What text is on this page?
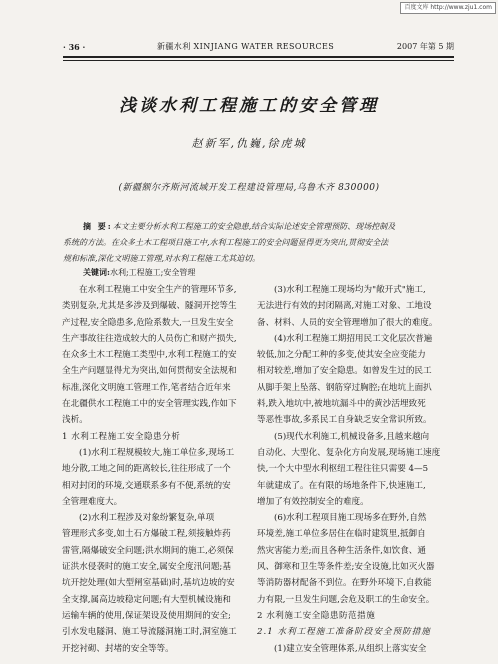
百度文库 http://www.zju1.com
· 36 ·	新疆水利 XINJIANG WATER RESOURCES	2007 年第 5 期
浅谈水利工程施工的安全管理

赵新军,仇巍,徐虎城

(新疆额尔齐斯河流域开发工程建设管理局,乌鲁木齐 830000)
摘 要:本文主要分析水利工程施工的安全隐患,结合实际论述安全管理预防、现场控制及
系统的方法。在众多土木工程项目施工中,水利工程施工的安全问题显得更为突出,贯彻安全法
规和标准,深化文明施工管理,对水利工程施工尤其迫切。
关键词:水利;工程施工;安全管理
在水利工程施工中安全生产的管理环节多,
类别复杂,尤其是多涉及到爆破、隧洞开挖等生
产过程,安全隐患多,危险系数大,一旦发生安全
生产事故往往造成较大的人员伤亡和财产损失,
在众多土木工程施工类型中,水利工程施工的安
全生产问题显得尤为突出,如何贯彻安全法规和
标准,深化文明施工管理工作,笔者结合近年来
在北疆供水工程施工中的安全管理实践,作如下
浅析。
1 水利工程施工安全隐患分析
(1)水利工程规模较大,施工单位多,现场工
地分散,工地之间的距离较长,往往形成了一个
相对封闭的环境,交通联系多有不便,系统的安
全管理难度大。
(2)水利工程涉及对象纷繁复杂,单项
管理形式多变,如土石方爆破工程,须接触炸药
雷管,隔爆破安全问题;洪水期间的施工,必须保
证洪水侵袭时的施工安全,属安全度汛问题;基
坑开挖处理(如大型闸室基础)时,基坑边坡的安
全支撑,属高边坡稳定问题;有大型机械设施和
运输车辆的使用,保证架设及使用期间的安全;
引水发电隧洞、施工导流隧洞施工时,洞室施工
开挖衬砌、封堵的安全等等。
(3)水利工程施工现场均为"敞开式"施工,
无法进行有效的封闭隔离,对施工对象、工地设
备、材料、人员的安全管理增加了很大的难度。
(4)水利工程施工期招用民工文化层次普遍
较低,加之分配工种的多变,使其安全应变能力
相对较差,增加了安全隐患。如曾发生过的民工
从脚手架上坠落、钢筋穿过胸腔;在地坑上面扒
料,跌入地坑中,被地坑漏斗中的黄沙活埋致死
等恶性事故,多系民工自身缺乏安全常识所致。
(5)现代水利施工,机械设备多,且越来越向
自动化、大型化、复杂化方向发展,现场施工速度
快,一个大中型水利枢纽工程往往只需要 4—5
年就建成了。在有限的场地条件下,快速施工,
增加了有效控制安全的难度。
(6)水利工程项目施工现场多在野外,自然
环境差,施工单位多居住在临时建筑里,抵御自
然灾害能力差;而且各种生活条件,如饮食、通
风、御寒和卫生等条件差;安全设施,比如灭火器
等消防器材配备不到位。在野外环境下,自救能
力有限,一旦发生问题,会危及职工的生命安全。
2 水利施工安全隐患防范措施
2.1 水利工程施工准备阶段安全预防措施
(1)建立安全管理体系,从组织上落实安全
